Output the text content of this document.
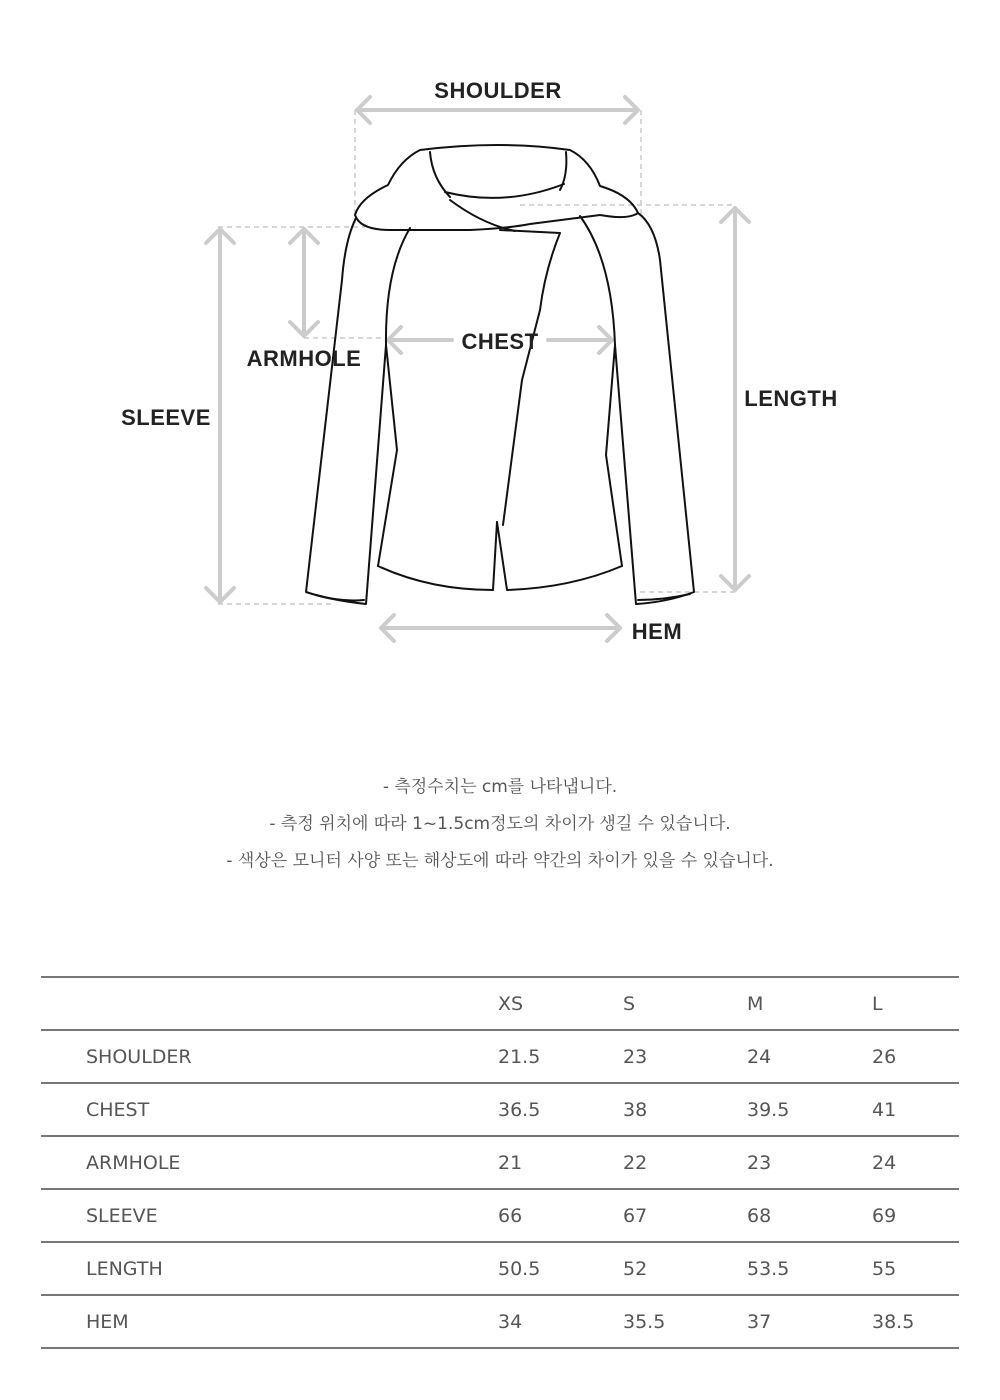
SHOULDER
ARMHOLE
CHEST
SLEEVE
LENGTH
HEM
- 측정수치는 cm를 나타냅니다.
- 측정 위치에 따라 1~1.5cm정도의 차이가 생길 수 있습니다.
- 색상은 모니터 사양 또는 해상도에 따라 약간의 차이가 있을 수 있습니다.
	XS	S	M	L
SHOULDER	21.5	23	24	26
CHEST	36.5	38	39.5	41
ARMHOLE	21	22	23	24
SLEEVE	66	67	68	69
LENGTH	50.5	52	53.5	55
HEM	34	35.5	37	38.5
